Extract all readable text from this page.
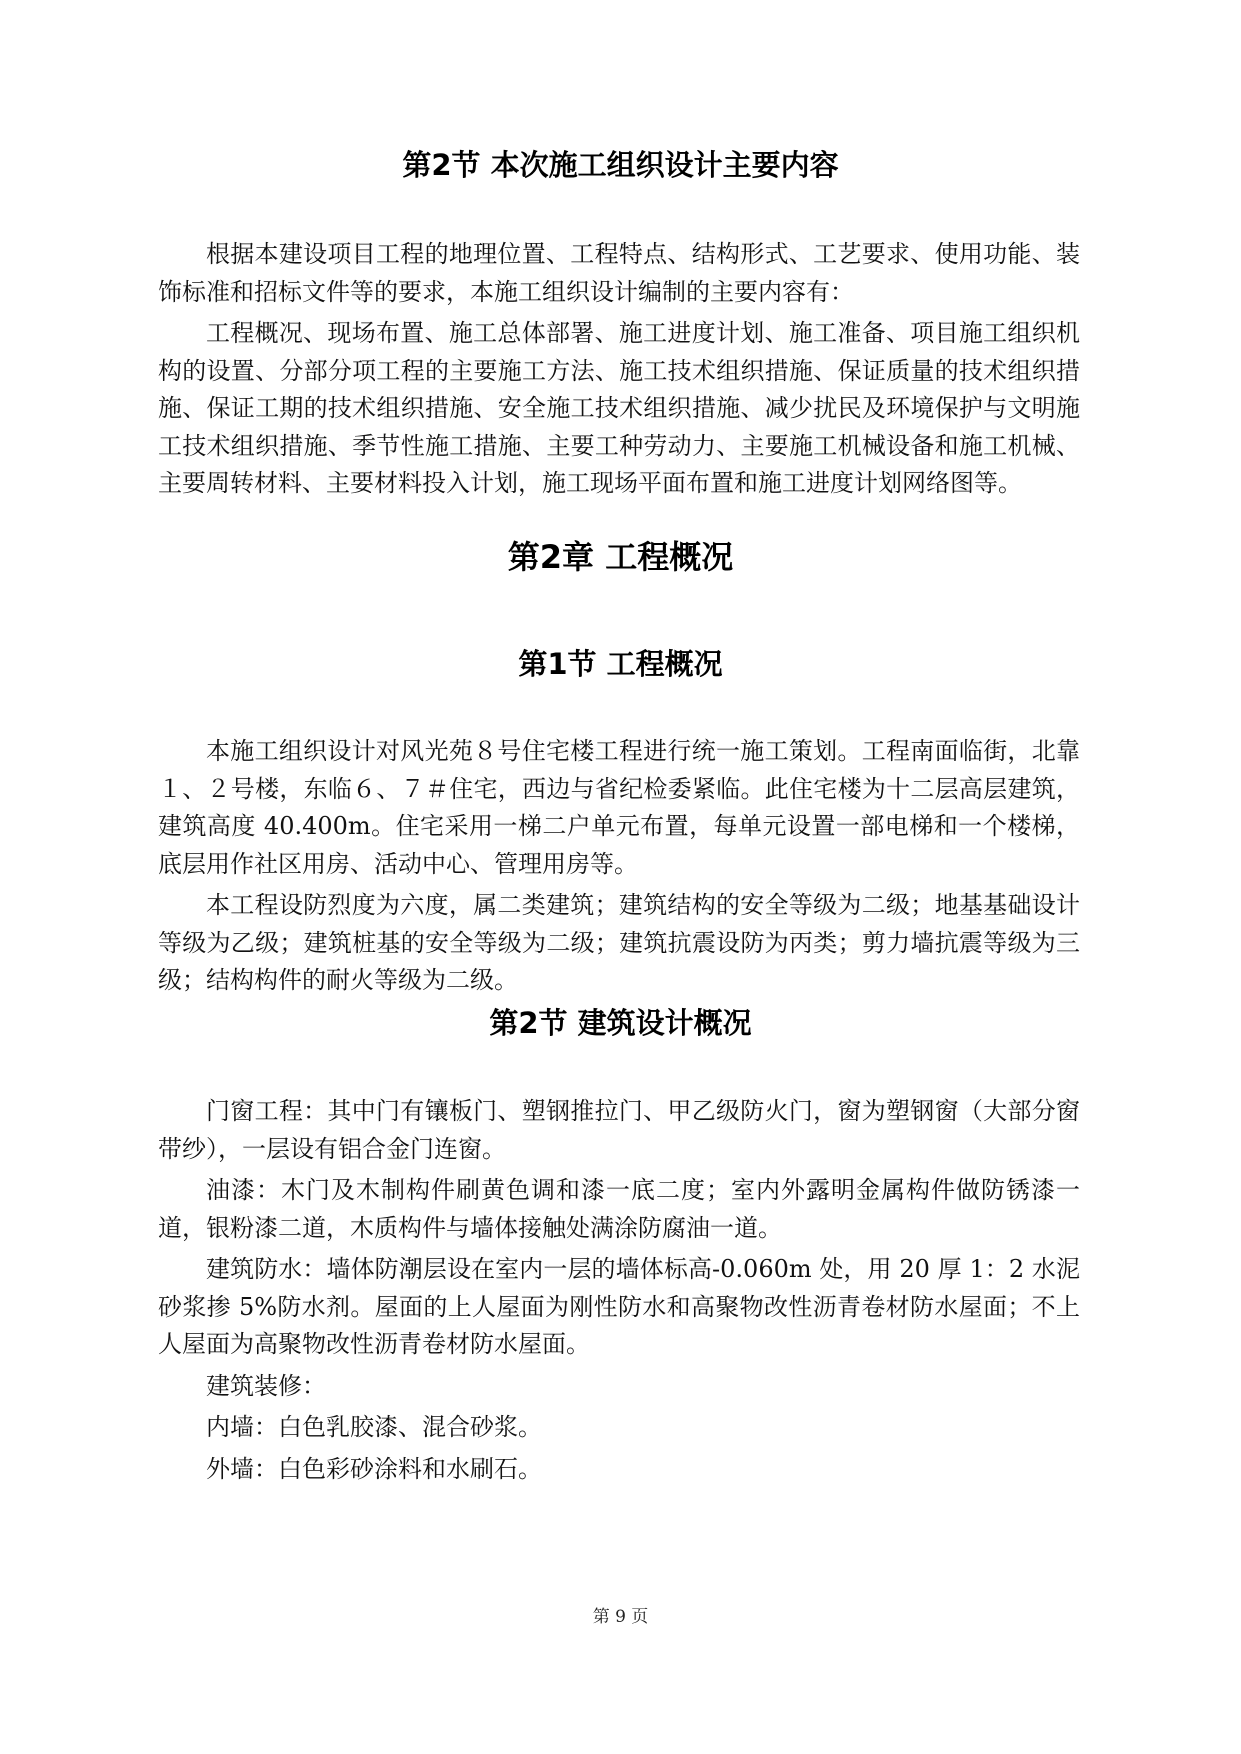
第2节 本次施工组织设计主要内容

根据本建设项目工程的地理位置、工程特点、结构形式、工艺要求、使用功能、装饰标准和招标文件等的要求，本施工组织设计编制的主要内容有：

工程概况、现场布置、施工总体部署、施工进度计划、施工准备、项目施工组织机构的设置、分部分项工程的主要施工方法、施工技术组织措施、保证质量的技术组织措施、保证工期的技术组织措施、安全施工技术组织措施、减少扰民及环境保护与文明施工技术组织措施、季节性施工措施、主要工种劳动力、主要施工机械设备和施工机械、主要周转材料、主要材料投入计划，施工现场平面布置和施工进度计划网络图等。

第2章 工程概况
第1节 工程概况

本施工组织设计对风光苑８号住宅楼工程进行统一施工策划。工程南面临街，北靠１、２号楼，东临６、７＃住宅，西边与省纪检委紧临。此住宅楼为十二层高层建筑，建筑高度 40.400m。住宅采用一梯二户单元布置，每单元设置一部电梯和一个楼梯，底层用作社区用房、活动中心、管理用房等。

本工程设防烈度为六度，属二类建筑；建筑结构的安全等级为二级；地基基础设计等级为乙级；建筑桩基的安全等级为二级；建筑抗震设防为丙类；剪力墙抗震等级为三级；结构构件的耐火等级为二级。

第2节 建筑设计概况

门窗工程：其中门有镶板门、塑钢推拉门、甲乙级防火门，窗为塑钢窗（大部分窗带纱），一层设有铝合金门连窗。

油漆：木门及木制构件刷黄色调和漆一底二度；室内外露明金属构件做防锈漆一道，银粉漆二道，木质构件与墙体接触处满涂防腐油一道。

建筑防水：墙体防潮层设在室内一层的墙体标高-0.060m 处，用 20 厚 1：2 水泥砂浆掺 5%防水剂。屋面的上人屋面为刚性防水和高聚物改性沥青卷材防水屋面；不上人屋面为高聚物改性沥青卷材防水屋面。

建筑装修：

内墙：白色乳胶漆、混合砂浆。

外墙：白色彩砂涂料和水刷石。

第 9 页
